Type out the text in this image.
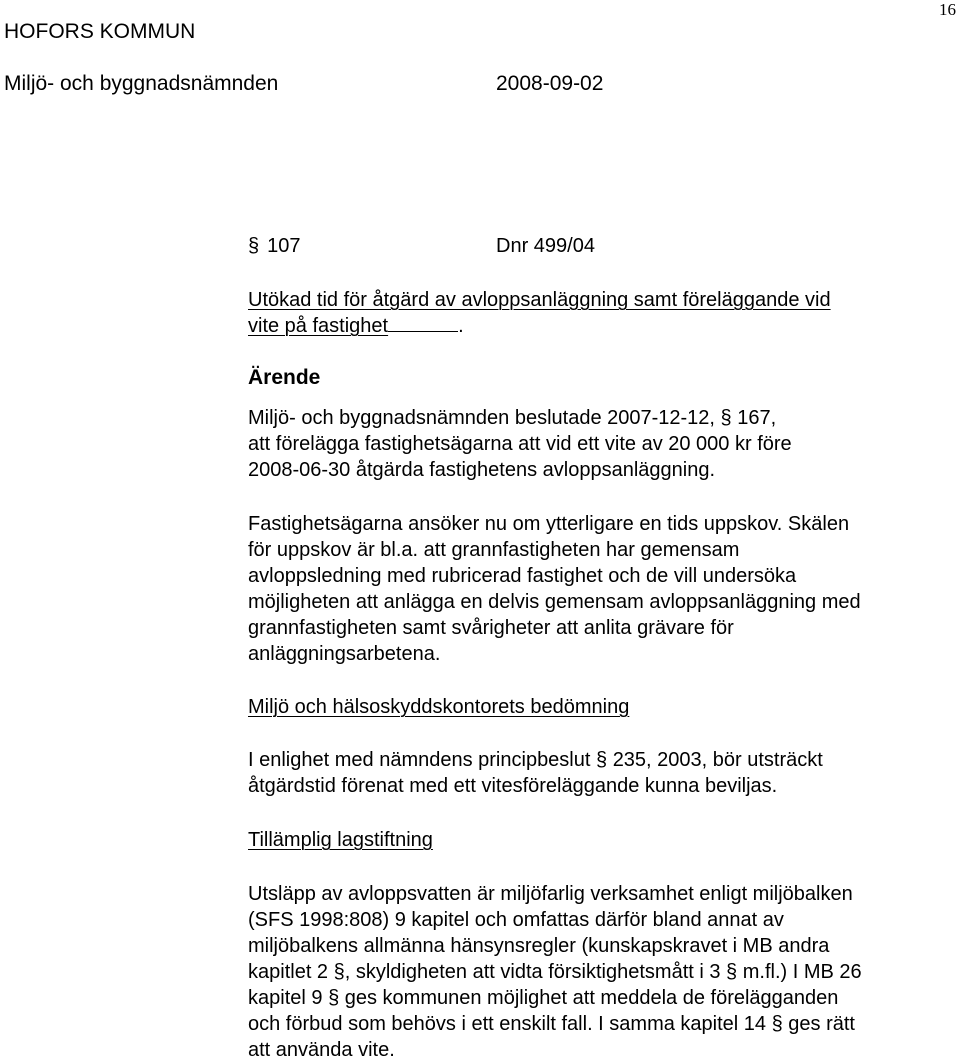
16
HOFORS KOMMUN
Miljö- och byggnadsnämnden	2008-09-02
§ 107	Dnr 499/04
Utökad tid för åtgärd av avloppsanläggning samt föreläggande vid
vite på fastighet	.
Ärende
Miljö- och byggnadsnämnden beslutade 2007-12-12, § 167,
att förelägga fastighetsägarna att vid ett vite av 20 000 kr före
2008-06-30 åtgärda fastighetens avloppsanläggning.
Fastighetsägarna ansöker nu om ytterligare en tids uppskov. Skälen
för uppskov är bl.a. att grannfastigheten har gemensam
avloppsledning med rubricerad fastighet och de vill undersöka
möjligheten att anlägga en delvis gemensam avloppsanläggning med
grannfastigheten samt svårigheter att anlita grävare för
anläggningsarbetena.
Miljö och hälsoskyddskontorets bedömning
I enlighet med nämndens principbeslut § 235, 2003, bör utsträckt
åtgärdstid förenat med ett vitesföreläggande kunna beviljas.
Tillämplig lagstiftning
Utsläpp av avloppsvatten är miljöfarlig verksamhet enligt miljöbalken
(SFS 1998:808) 9 kapitel och omfattas därför bland annat av
miljöbalkens allmänna hänsynsregler (kunskapskravet i MB andra
kapitlet 2 §, skyldigheten att vidta försiktighetsmått i 3 § m.fl.) I MB 26
kapitel 9 § ges kommunen möjlighet att meddela de förelägganden
och förbud som behövs i ett enskilt fall. I samma kapitel 14 § ges rätt
att använda vite.
